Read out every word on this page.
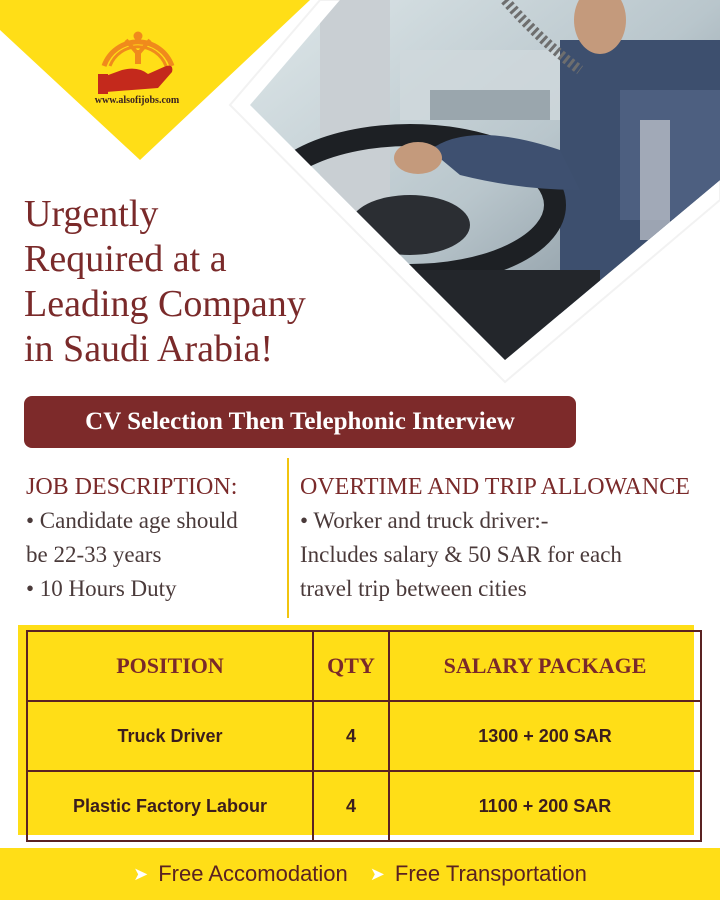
www.alsofijobs.com
Urgently
Required at a
Leading Company
in Saudi Arabia!
CV Selection Then Telephonic Interview
JOB DESCRIPTION:
• Candidate age should
be 22-33 years
• 10 Hours Duty
OVERTIME AND TRIP ALLOWANCE
• Worker and truck driver:-
Includes salary & 50 SAR for each
travel trip between cities
POSITION	QTY	SALARY PACKAGE
Truck Driver	4	1300 + 200 SAR
Plastic Factory Labour	4	1100 + 200 SAR
➤ Free Accomodation ➤ Free Transportation
